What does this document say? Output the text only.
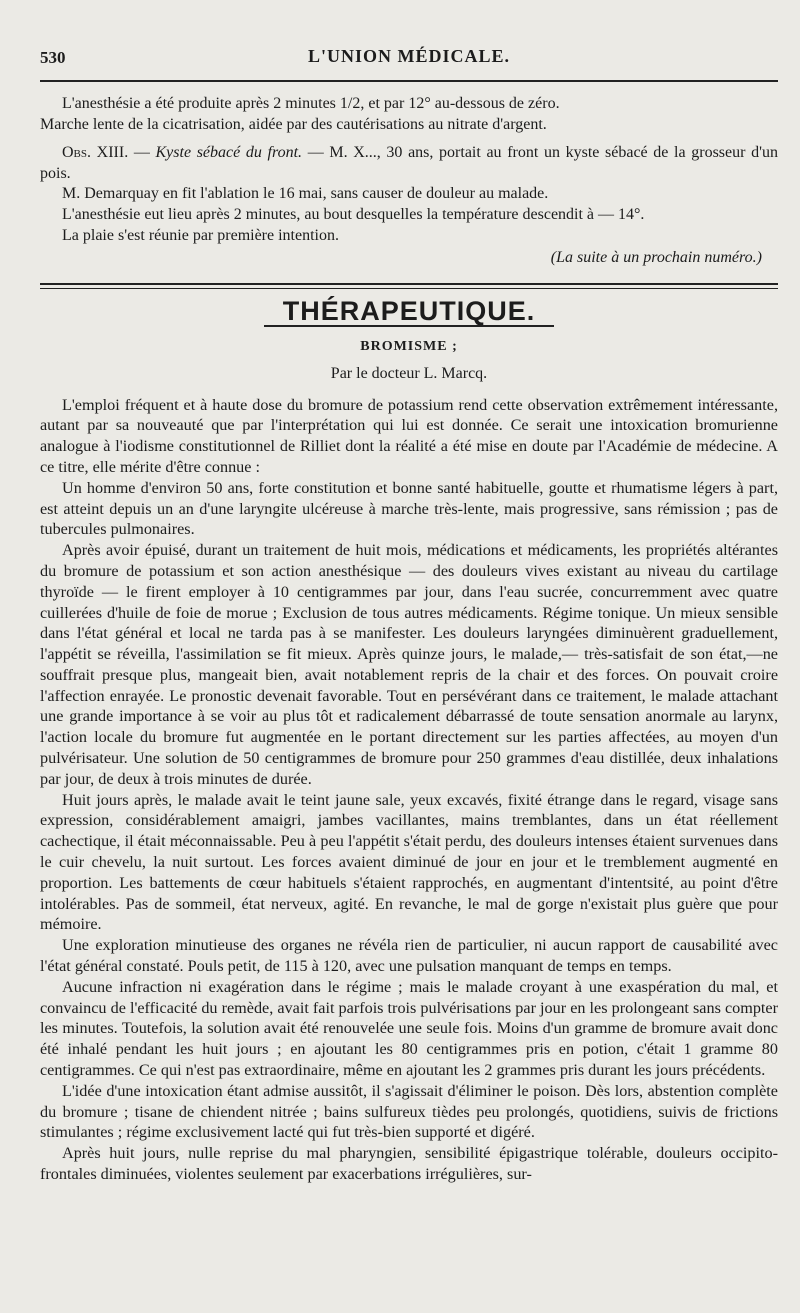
530	L'UNION MÉDICALE.

L'anesthésie a été produite après 2 minutes 1/2, et par 12° au-dessous de zéro.

Marche lente de la cicatrisation, aidée par des cautérisations au nitrate d'argent.

Obs. XIII. — Kyste sébacé du front. — M. X..., 30 ans, portait au front un kyste sébacé de la grosseur d'un pois.

M. Demarquay en fit l'ablation le 16 mai, sans causer de douleur au malade.

L'anesthésie eut lieu après 2 minutes, au bout desquelles la température descendit à — 14°.

La plaie s'est réunie par première intention.

(La suite à un prochain numéro.)
THÉRAPEUTIQUE.
BROMISME ;
Par le docteur L. Marcq.

L'emploi fréquent et à haute dose du bromure de potassium rend cette observation extrêmement intéressante, autant par sa nouveauté que par l'interprétation qui lui est donnée. Ce serait une intoxication bromurienne analogue à l'iodisme constitutionnel de Rilliet dont la réalité a été mise en doute par l'Académie de médecine. A ce titre, elle mérite d'être connue :

Un homme d'environ 50 ans, forte constitution et bonne santé habituelle, goutte et rhumatisme légers à part, est atteint depuis un an d'une laryngite ulcéreuse à marche très-lente, mais progressive, sans rémission ; pas de tubercules pulmonaires.

Après avoir épuisé, durant un traitement de huit mois, médications et médicaments, les propriétés altérantes du bromure de potassium et son action anesthésique — des douleurs vives existant au niveau du cartilage thyroïde — le firent employer à 10 centigrammes par jour, dans l'eau sucrée, concurremment avec quatre cuillerées d'huile de foie de morue ; Exclusion de tous autres médicaments. Régime tonique. Un mieux sensible dans l'état général et local ne tarda pas à se manifester. Les douleurs laryngées diminuèrent graduellement, l'appétit se réveilla, l'assimilation se fit mieux. Après quinze jours, le malade,— très-satisfait de son état,—ne souffrait presque plus, mangeait bien, avait notablement repris de la chair et des forces. On pouvait croire l'affection enrayée. Le pronostic devenait favorable. Tout en persévérant dans ce traitement, le malade attachant une grande importance à se voir au plus tôt et radicalement débarrassé de toute sensation anormale au larynx, l'action locale du bromure fut augmentée en le portant directement sur les parties affectées, au moyen d'un pulvérisateur. Une solution de 50 centigrammes de bromure pour 250 grammes d'eau distillée, deux inhalations par jour, de deux à trois minutes de durée.

Huit jours après, le malade avait le teint jaune sale, yeux excavés, fixité étrange dans le regard, visage sans expression, considérablement amaigri, jambes vacillantes, mains tremblantes, dans un état réellement cachectique, il était méconnaissable. Peu à peu l'appétit s'était perdu, des douleurs intenses étaient survenues dans le cuir chevelu, la nuit surtout. Les forces avaient diminué de jour en jour et le tremblement augmenté en proportion. Les battements de cœur habituels s'étaient rapprochés, en augmentant d'intentsité, au point d'être intolérables. Pas de sommeil, état nerveux, agité. En revanche, le mal de gorge n'existait plus guère que pour mémoire.

Une exploration minutieuse des organes ne révéla rien de particulier, ni aucun rapport de causabilité avec l'état général constaté. Pouls petit, de 115 à 120, avec une pulsation manquant de temps en temps.

Aucune infraction ni exagération dans le régime ; mais le malade croyant à une exaspération du mal, et convaincu de l'efficacité du remède, avait fait parfois trois pulvérisations par jour en les prolongeant sans compter les minutes. Toutefois, la solution avait été renouvelée une seule fois. Moins d'un gramme de bromure avait donc été inhalé pendant les huit jours ; en ajoutant les 80 centigrammes pris en potion, c'était 1 gramme 80 centigrammes. Ce qui n'est pas extraordinaire, même en ajoutant les 2 grammes pris durant les jours précédents.

L'idée d'une intoxication étant admise aussitôt, il s'agissait d'éliminer le poison. Dès lors, abstention complète du bromure ; tisane de chiendent nitrée ; bains sulfureux tièdes peu prolongés, quotidiens, suivis de frictions stimulantes ; régime exclusivement lacté qui fut très-bien supporté et digéré.

Après huit jours, nulle reprise du mal pharyngien, sensibilité épigastrique tolérable, douleurs occipito-frontales diminuées, violentes seulement par exacerbations irrégulières, sur-
